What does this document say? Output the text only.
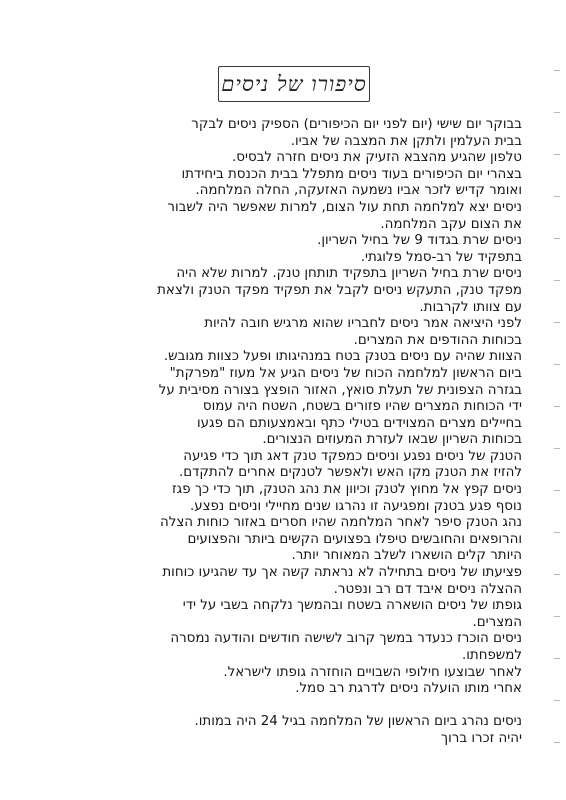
סיפורו של ניסים
בבוקר יום שישי (יום לפני יום הכיפורים) הספיק ניסים לבקר
בבית העלמין ולתקן את המצבה של אביו.
טלפון שהגיע מהצבא הזעיק את ניסים חזרה לבסיס.
בצהרי יום הכיפורים בעוד ניסים מתפלל בבית הכנסת ביחידתו
ואומר קדיש לזכר אביו נשמעה האזעקה, החלה המלחמה.
ניסים יצא למלחמה תחת עול הצום, למרות שאפשר היה לשבור
את הצום עקב המלחמה.
ניסים שרת בגדוד 9 של בחיל השריון.
בתפקיד של רב-סמל פלוגתי.
ניסים שרת בחיל השריון בתפקיד תותחן טנק. למרות שלא היה
מפקד טנק, התעקש ניסים לקבל את תפקיד מפקד הטנק ולצאת
עם צוותו לקרבות.
לפני היציאה אמר ניסים לחבריו שהוא מרגיש חובה להיות
בכוחות ההודפים את המצרים.
הצוות שהיה עם ניסים בטנק בטח במנהיגותו ופעל כצוות מגובש.
ביום הראשון למלחמה הכוח של ניסים הגיע אל מעוז "מפרקת"
בגזרה הצפונית של תעלת סואץ, האזור הופצץ בצורה מסיבית על
ידי הכוחות המצרים שהיו פזורים בשטח, השטח היה עמוס
בחיילים מצרים המצוידים בטילי כתף ובאמצעותם הם פגעו
בכוחות השריון שבאו לעזרת המעוזים הנצורים.
הטנק של ניסים נפגע וניסים כמפקד טנק דאג תוך כדי פגיעה
להזיז את הטנק מקו האש ולאפשר לטנקים אחרים להתקדם.
ניסים קפץ אל מחוץ לטנק וכיוון את נהג הטנק, תוך כדי כך פגז
נוסף פגע בטנק ומפגיעה זו נהרגו שנים מחיילי וניסים נפצע.
נהג הטנק סיפר לאחר המלחמה שהיו חסרים באזור כוחות הצלה
והרופאים והחובשים טיפלו בפצועים הקשים ביותר והפצועים
היותר קלים הושארו לשלב המאוחר יותר.
פציעתו של ניסים בתחילה לא נראתה קשה אך עד שהגיעו כוחות
ההצלה ניסים איבד דם רב ונפטר.
גופתו של ניסים הושארה בשטח ובהמשך נלקחה בשבי על ידי
המצרים.
ניסים הוכרז כנעדר במשך קרוב לשישה חודשים והודעה נמסרה
למשפחתו.
לאחר שבוצעו חילופי השבויים הוחזרה גופתו לישראל.
אחרי מותו הועלה ניסים לדרגת רב סמל.
ניסים נהרג ביום הראשון של המלחמה בגיל 24 היה במותו.
יהיה זכרו ברוך
